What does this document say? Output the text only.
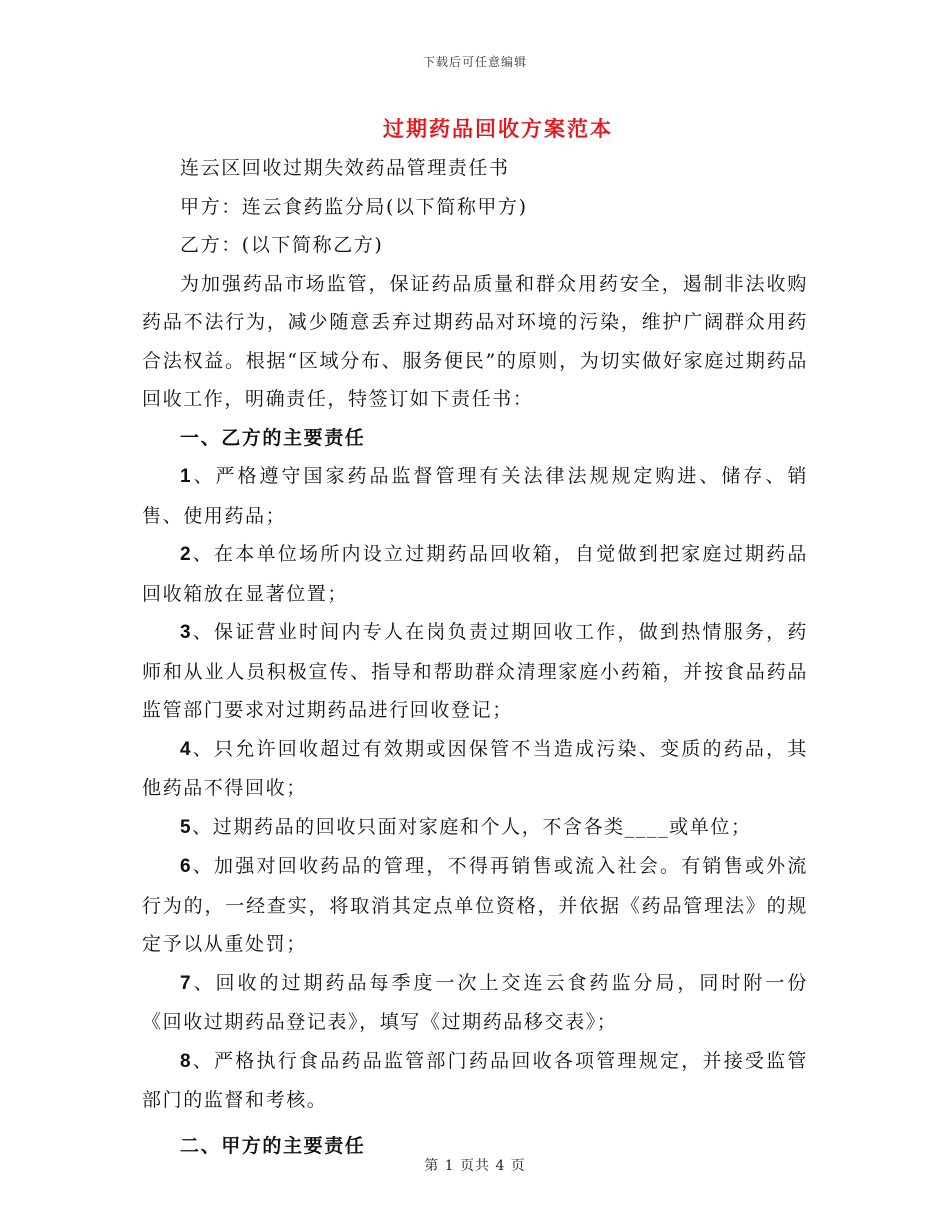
下载后可任意编辑
过期药品回收方案范本

连云区回收过期失效药品管理责任书

甲方：连云食药监分局(以下简称甲方)

乙方：(以下简称乙方)

为加强药品市场监管，保证药品质量和群众用药安全，遏制非法收购药品不法行为，减少随意丢弃过期药品对环境的污染，维护广阔群众用药合法权益。根据“区域分布、服务便民”的原则，为切实做好家庭过期药品回收工作，明确责任，特签订如下责任书：

一、乙方的主要责任

1、严格遵守国家药品监督管理有关法律法规规定购进、储存、销售、使用药品；

2、在本单位场所内设立过期药品回收箱，自觉做到把家庭过期药品回收箱放在显著位置；

3、保证营业时间内专人在岗负责过期回收工作，做到热情服务，药师和从业人员积极宣传、指导和帮助群众清理家庭小药箱，并按食品药品监管部门要求对过期药品进行回收登记；

4、只允许回收超过有效期或因保管不当造成污染、变质的药品，其他药品不得回收；

5、过期药品的回收只面对家庭和个人，不含各类____或单位；

6、加强对回收药品的管理，不得再销售或流入社会。有销售或外流行为的，一经查实，将取消其定点单位资格，并依据《药品管理法》的规定予以从重处罚；

7、回收的过期药品每季度一次上交连云食药监分局，同时附一份《回收过期药品登记表》，填写《过期药品移交表》；

8、严格执行食品药品监管部门药品回收各项管理规定，并接受监管部门的监督和考核。

二、甲方的主要责任

第 1 页共 4 页
